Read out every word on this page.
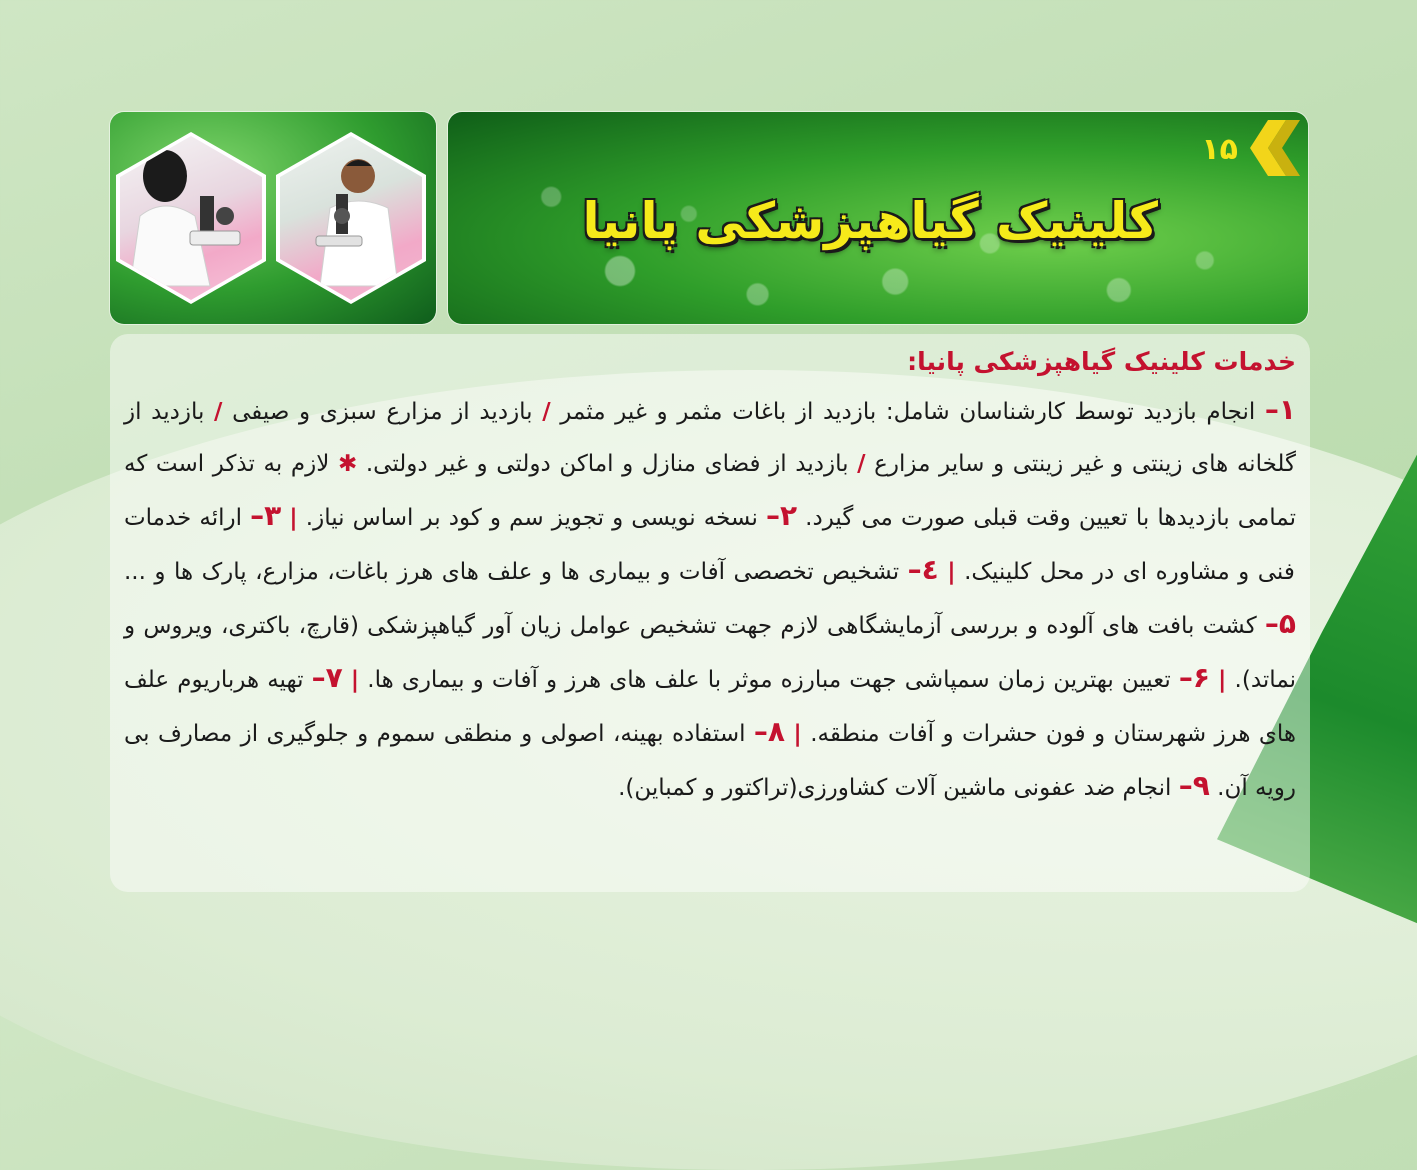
۱۵
کلینیک گیاهپزشکی پانیا
خدمات کلینیک گیاهپزشکی پانیا:
۱– انجام بازدید توسط کارشناسان شامل: بازدید از باغات مثمر و غیر مثمر / بازدید از مزارع سبزی و صیفی / بازدید از گلخانه های زینتی و غیر زینتی و سایر مزارع / بازدید از فضای منازل و اماکن دولتی و غیر دولتی. ✱ لازم به تذکر است که تمامی بازدیدها با تعیین وقت قبلی صورت می گیرد. ۲– نسخه نویسی و تجویز سم و کود بر اساس نیاز. | ۳– ارائه خدمات فنی و مشاوره ای در محل کلینیک. | ٤– تشخیص تخصصی آفات و بیماری ها و علف های هرز باغات، مزارع، پارک ها و ... ۵– کشت بافت های آلوده و بررسی آزمایشگاهی لازم جهت تشخیص عوامل زیان آور گیاهپزشکی (قارچ، باکتری، ویروس و نماتد). | ۶– تعیین بهترین زمان سمپاشی جهت مبارزه موثر با علف های هرز و آفات و بیماری ها. | ۷– تهیه هرباریوم علف های هرز شهرستان و فون حشرات و آفات منطقه. | ۸– استفاده بهینه، اصولی و منطقی سموم و جلوگیری از مصارف بی رویه آن. ۹– انجام ضد عفونی ماشین آلات کشاورزی(تراکتور و کمباین).
